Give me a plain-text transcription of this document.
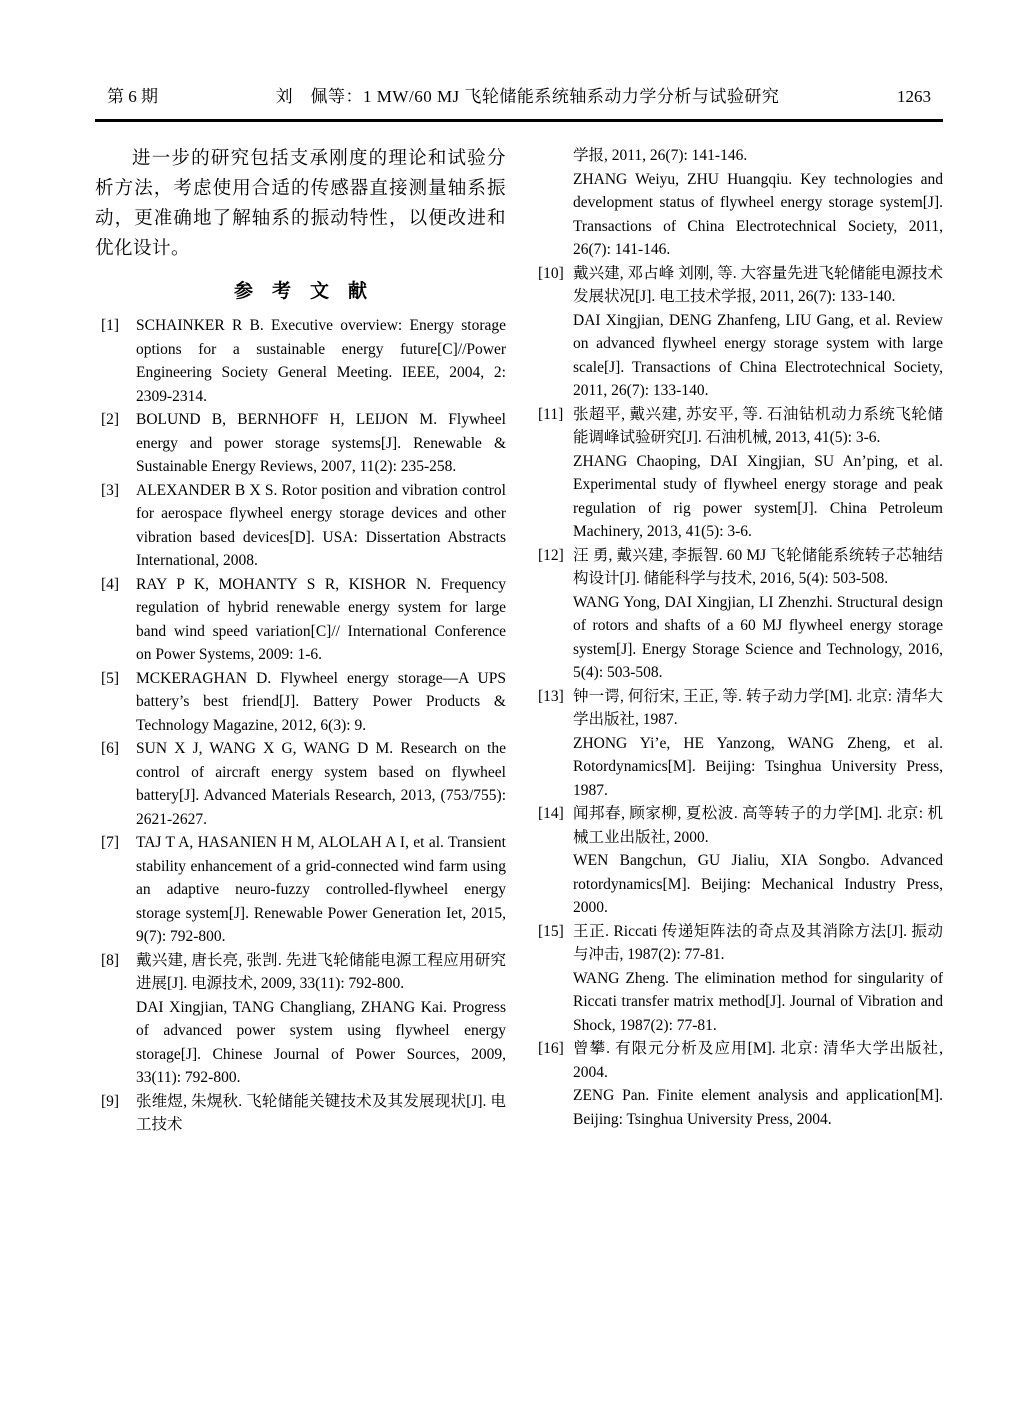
第 6 期	刘　佩等：1 MW/60 MJ 飞轮储能系统轴系动力学分析与试验研究	1263

进一步的研究包括支承刚度的理论和试验分析方法，考虑使用合适的传感器直接测量轴系振动，更准确地了解轴系的振动特性，以便改进和优化设计。

参　考　文　献
[1] SCHAINKER R B. Executive overview: Energy storage options for a sustainable energy future[C]//Power Engineering Society General Meeting. IEEE, 2004, 2: 2309-2314.
[2] BOLUND B, BERNHOFF H, LEIJON M. Flywheel energy and power storage systems[J]. Renewable & Sustainable Energy Reviews, 2007, 11(2): 235-258.
[3] ALEXANDER B X S. Rotor position and vibration control for aerospace flywheel energy storage devices and other vibration based devices[D]. USA: Dissertation Abstracts International, 2008.
[4] RAY P K, MOHANTY S R, KISHOR N. Frequency regulation of hybrid renewable energy system for large band wind speed variation[C]// International Conference on Power Systems, 2009: 1-6.
[5] MCKERAGHAN D. Flywheel energy storage—A UPS battery’s best friend[J]. Battery Power Products & Technology Magazine, 2012, 6(3): 9.
[6] SUN X J, WANG X G, WANG D M. Research on the control of aircraft energy system based on flywheel battery[J]. Advanced Materials Research, 2013, (753/755): 2621-2627.
[7] TAJ T A, HASANIEN H M, ALOLAH A I, et al. Transient stability enhancement of a grid-connected wind farm using an adaptive neuro-fuzzy controlled-flywheel energy storage system[J]. Renewable Power Generation Iet, 2015, 9(7): 792-800.
[8] 戴兴建, 唐长亮, 张剀. 先进飞轮储能电源工程应用研究进展[J]. 电源技术, 2009, 33(11): 792-800.
DAI Xingjian, TANG Changliang, ZHANG Kai. Progress of advanced power system using flywheel energy storage[J]. Chinese Journal of Power Sources, 2009, 33(11): 792-800.
[9] 张维煜, 朱熀秋. 飞轮储能关键技术及其发展现状[J]. 电工技术
学报, 2011, 26(7): 141-146.
ZHANG Weiyu, ZHU Huangqiu. Key technologies and development status of flywheel energy storage system[J]. Transactions of China Electrotechnical Society, 2011, 26(7): 141-146.
[10] 戴兴建, 邓占峰 刘刚, 等. 大容量先进飞轮储能电源技术发展状况[J]. 电工技术学报, 2011, 26(7): 133-140.
DAI Xingjian, DENG Zhanfeng, LIU Gang, et al. Review on advanced flywheel energy storage system with large scale[J]. Transactions of China Electrotechnical Society, 2011, 26(7): 133-140.
[11] 张超平, 戴兴建, 苏安平, 等. 石油钻机动力系统飞轮储能调峰试验研究[J]. 石油机械, 2013, 41(5): 3-6.
ZHANG Chaoping, DAI Xingjian, SU An’ping, et al. Experimental study of flywheel energy storage and peak regulation of rig power system[J]. China Petroleum Machinery, 2013, 41(5): 3-6.
[12] 汪 勇, 戴兴建, 李振智. 60 MJ 飞轮储能系统转子芯轴结构设计[J]. 储能科学与技术, 2016, 5(4): 503-508.
WANG Yong, DAI Xingjian, LI Zhenzhi. Structural design of rotors and shafts of a 60 MJ flywheel energy storage system[J]. Energy Storage Science and Technology, 2016, 5(4): 503-508.
[13] 钟一谔, 何衍宋, 王正, 等. 转子动力学[M]. 北京: 清华大学出版社, 1987.
ZHONG Yi’e, HE Yanzong, WANG Zheng, et al. Rotordynamics[M]. Beijing: Tsinghua University Press, 1987.
[14] 闻邦春, 顾家柳, 夏松波. 高等转子的力学[M]. 北京: 机械工业出版社, 2000.
WEN Bangchun, GU Jialiu, XIA Songbo. Advanced rotordynamics[M]. Beijing: Mechanical Industry Press, 2000.
[15] 王正. Riccati 传递矩阵法的奇点及其消除方法[J]. 振动与冲击, 1987(2): 77-81.
WANG Zheng. The elimination method for singularity of Riccati transfer matrix method[J]. Journal of Vibration and Shock, 1987(2): 77-81.
[16] 曾攀. 有限元分析及应用[M]. 北京: 清华大学出版社, 2004.
ZENG Pan. Finite element analysis and application[M]. Beijing: Tsinghua University Press, 2004.
